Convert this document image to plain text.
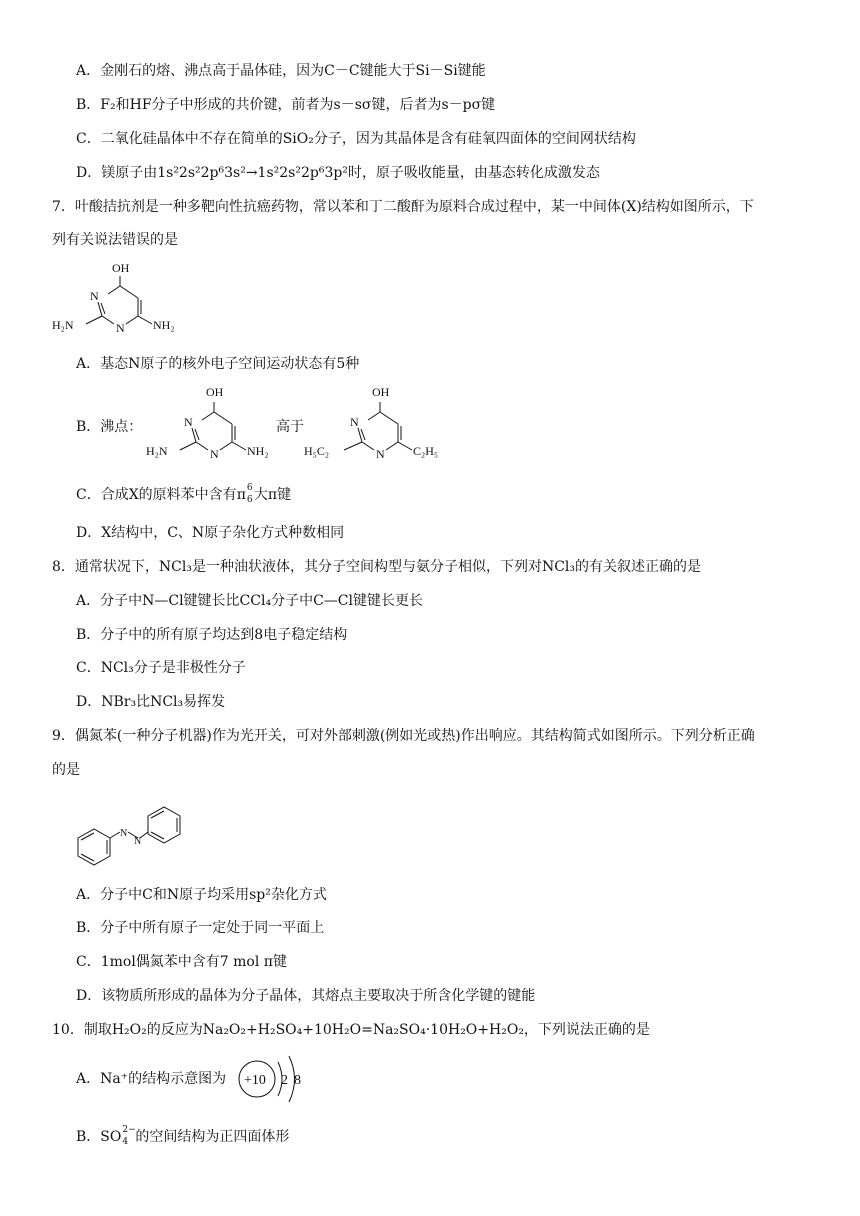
A．金刚石的熔、沸点高于晶体硅，因为C－C键能大于Si－Si键能
B．F₂和HF分子中形成的共价键，前者为s－sσ键，后者为s－pσ键
C．二氧化硅晶体中不存在简单的SiO₂分子，因为其晶体是含有硅氧四面体的空间网状结构
D．镁原子由1s²2s²2p⁶3s²→1s²2s²2p⁶3p²时，原子吸收能量，由基态转化成激发态
7．叶酸拮抗剂是一种多靶向性抗癌药物，常以苯和丁二酸酐为原料合成过程中，某一中间体(X)结构如图所示，下
列有关说法错误的是
OH
N
N
H₂N	NH₂
A．基态N原子的核外电子空间运动状态有5种
B．沸点：
OH
N
N
H₂N	NH₂
高于
OH
N
N
H₅C₂	C₂H₅
C．合成X的原料苯中含有π 6
6 大π键
D．X结构中，C、N原子杂化方式种数相同
8．通常状况下，NCl₃是一种油状液体，其分子空间构型与氨分子相似，下列对NCl₃的有关叙述正确的是
A．分子中N—Cl键键长比CCl₄分子中C—Cl键键长更长
B．分子中的所有原子均达到8电子稳定结构
C．NCl₃分子是非极性分子
D．NBr₃比NCl₃易挥发
9．偶氮苯(一种分子机器)作为光开关，可对外部刺激(例如光或热)作出响应。其结构简式如图所示。下列分析正确
的是
N
N
A．分子中C和N原子均采用sp²杂化方式
B．分子中所有原子一定处于同一平面上
C．1mol偶氮苯中含有7 mol π键
D．该物质所形成的晶体为分子晶体，其熔点主要取决于所含化学键的键能
10．制取H₂O₂的反应为Na₂O₂+H₂SO₄+10H₂O=Na₂SO₄·10H₂O+H₂O₂，下列说法正确的是
A．Na⁺的结构示意图为 +10 2 8
B．SO 2−
4 的空间结构为正四面体形
